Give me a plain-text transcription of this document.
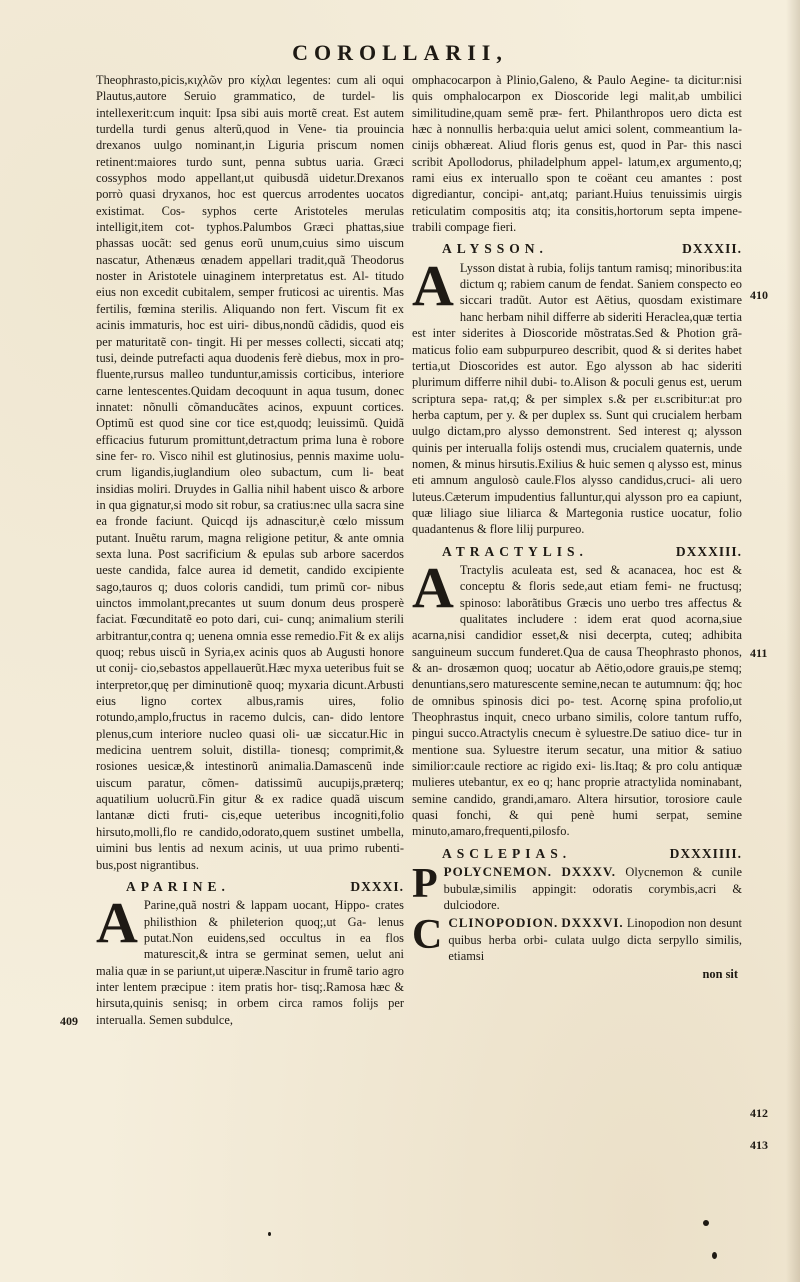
COROLLARII,

Theophrasto,picis,κιχλῶν pro κίχλαι legentes: cum ali oqui Plautus,autore Seruio grammatico, de turdel- lis intellexerit:cum inquit: Ipsa sibi auis mortẽ creat. Est autem turdella turdi genus alterũ,quod in Vene- tia prouincia drexanos uulgo nominant,in Liguria priscum nomen retinent:maiores turdo sunt, penna subtus uaria. Græci cossyphos modo appellant,ut quibusdã uidetur.Drexanos porrò quasi dryxanos, hoc est quercus arrodentes uocatos existimat. Cos- syphos certe Aristoteles merulas intelligit,item cot- typhos.Palumbos Græci phattas,siue phassas uocãt: sed genus eorũ unum,cuius simo uiscum nascatur, Athenæus œnadem appellari tradit,quã Theodorus noster in Aristotele uinaginem interpretatus est. Al- titudo eius non excedit cubitalem, semper fruticosi ac uirentis. Mas fertilis, fœmina sterilis. Aliquando non fert. Viscum fit ex acinis immaturis, hoc est uiri- dibus,nondũ cãdidis, quod eis per maturitatẽ con- tingit. Hi per messes collecti, siccati atq; tusi, deinde putrefacti aqua duodenis ferè diebus, mox in pro- fluente,rursus malleo tunduntur,amissis corticibus, interiore carne lentescentes.Quidam decoquunt in aqua tusum, donec innatet: nõnulli cõmanducãtes acinos, expuunt cortices. Optimũ est quod sine cor tice est,quodq; leuissimũ. Quidã efficacius futurum promittunt,detractum prima luna è robore sine fer- ro. Visco nihil est glutinosius, pennis maxime uolu- crum ligandis,iuglandium oleo subactum, cum li- beat insidias moliri. Druydes in Gallia nihil habent uisco & arbore in qua gignatur,si modo sit robur, sa cratius:nec ulla sacra sine ea fronde faciunt. Quicqd ijs adnascitur,è cœlo missum putant. Inuẽtu rarum, magna religione petitur, & ante omnia sexta luna. Post sacrificium & epulas sub arbore sacerdos ueste candida, falce aurea id demetit, candido excipiente sago,tauros q; duos coloris candidi, tum primũ cor- nibus uinctos immolant,precantes ut suum donum deus prosperè faciat. Fœcunditatẽ eo poto dari, cui- cunq; animalium sterili arbitrantur,contra q; uenena omnia esse remedio.Fit & ex alijs quoq; rebus uiscũ in Syria,ex acinis quos ab Augusti honore ut conij- cio,sebastos appellauerũt.Hæc myxa ueteribus fuit se interpretor,quę per diminutionẽ quoq; myxaria dicunt.Arbusti eius ligno cortex albus,ramis uires, folio rotundo,amplo,fructus in racemo dulcis, can- dido lentore plenus,cum interiore nucleo quasi oli- uæ siccatur.Hic in medicina uentrem soluit, distilla- tionesq; comprimit,& rosiones uesicæ,& intestinorũ animalia.Damascenũ inde uiscum paratur, cõmen- datissimũ aucupijs,præterq; aquatilium uolucrũ.Fin gitur & ex radice quadã uiscum lantanæ dicti fruti- cis,eque ueteribus incogniti,folio hirsuto,molli,flo re candido,odorato,quem sustinet umbella, uimini bus lentis ad nexum acinis, ut uua primo rubenti- bus,post nigrantibus.

APARINE.	DXXXI.

A Parine,quã nostri & lappam uocant, Hippo- crates philisthion & phileterion quoq;,ut Ga- lenus putat.Non euidens,sed occultus in ea flos maturescit,& intra se germinat semen, uelut ani malia quæ in se pariunt,ut uiperæ.Nascitur in frumẽ tario agro inter lentem præcipue : item pratis hor- tisq;.Ramosa hæc & hirsuta,quinis senisq; in orbem circa ramos folijs per interualla. Semen subdulce,

omphacocarpon à Plinio,Galeno, & Paulo Aegine- ta dicitur:nisi quis omphalocarpon ex Dioscoride legi malit,ab umbilici similitudine,quam semẽ præ- fert. Philanthropos uero dicta est hæc à nonnullis herba:quia uelut amici solent, commeantium la- cinijs obhæreat. Aliud floris genus est, quod in Par- this nasci scribit Apollodorus, philadelphum appel- latum,ex argumento,q; rami eius ex interuallo spon te coëant ceu amantes : post digrediantur, concipi- ant,atq; pariant.Huius tenuissimis uirgis reticulatim compositis atq; ita consitis,hortorum septa impene- trabili compage fieri.

ALYSSON.	DXXXII.

A Lysson distat à rubia, folijs tantum ramisq; minoribus:ita dictum q; rabiem canum de fendat. Saniem conspecto eo siccari tradũt. Autor est Aëtius, quosdam existimare hanc herbam nihil differre ab sideriti Heraclea,quæ tertia est inter siderites à Dioscoride mõstratas.Sed & Photion grã- maticus folio eam subpurpureo describit, quod & si derites habet tertia,ut Dioscorides est autor. Ego alysson ab hac sideriti plurimum differre nihil dubi- to.Alison & poculi genus est, uerum scriptura sepa- rat,q; & per simplex s.& per ει.scribitur:at pro herba captum, per y. & per duplex ss. Sunt qui crucialem herbam uulgo dictam,pro alysso demonstrent. Sed interest q; alysson quinis per interualla folijs ostendi mus, crucialem quaternis, unde nomen, & minus hirsutis.Exilius & huic semen q alysso est, minus eti amnum angulosò caule.Flos alysso candidus,cruci- ali uero luteus.Cæterum impudentius falluntur,qui alysson pro ea capiunt, quæ liliago siue liliarca & Martegonia rustice uocatur, folio quadantenus & flore lilij purpureo.

ATRACTYLIS.	DXXXIII.

A Tractylis aculeata est, sed & acanacea, hoc est & conceptu & floris sede,aut etiam femi- ne fructusq; spinoso: laborãtibus Græcis uno uerbo tres affectus & qualitates includere : idem erat quod acorna,siue acarna,nisi candidior esset,& nisi decerpta, cuteq; adhibita sanguineum succum funderet.Qua de causa Theophrasto phonos, & an- drosæmon quoq; uocatur ab Aëtio,odore grauis,pe stemq; denuntians,sero maturescente semine,necan te autumnum: q̃q; hoc de omnibus spinosis dici po- test. Acornę spina profolio,ut Theophrastus inquit, cneco urbano similis, colore tantum ruffo, pingui succo.Atractylis cnecum è syluestre.De satiuo dice- tur in mentione sua. Syluestre iterum secatur, una mitior & satiuo similior:caule rectiore ac rigido exi- lis.Itaq; & pro colu antiquæ mulieres utebantur, ex eo q; hanc proprie atractylida nominabant, semine candido, grandi,amaro. Altera hirsutior, torosiore caule quasi fonchi, & qui penè humi serpat, semine minuto,amaro,frequenti,pilosfo.

ASCLEPIAS.	DXXXIIII.

P POLYCNEMON. DXXXV. Olycnemon & cunile bubulæ,similis appingit: odoratis corymbis,acri & dulciodore.

C CLINOPODION. DXXXVI. Linopodion non desunt quibus herba orbi- culata uulgo dicta serpyllo similis, etiamsi

non sit
409
410
411
412
413
